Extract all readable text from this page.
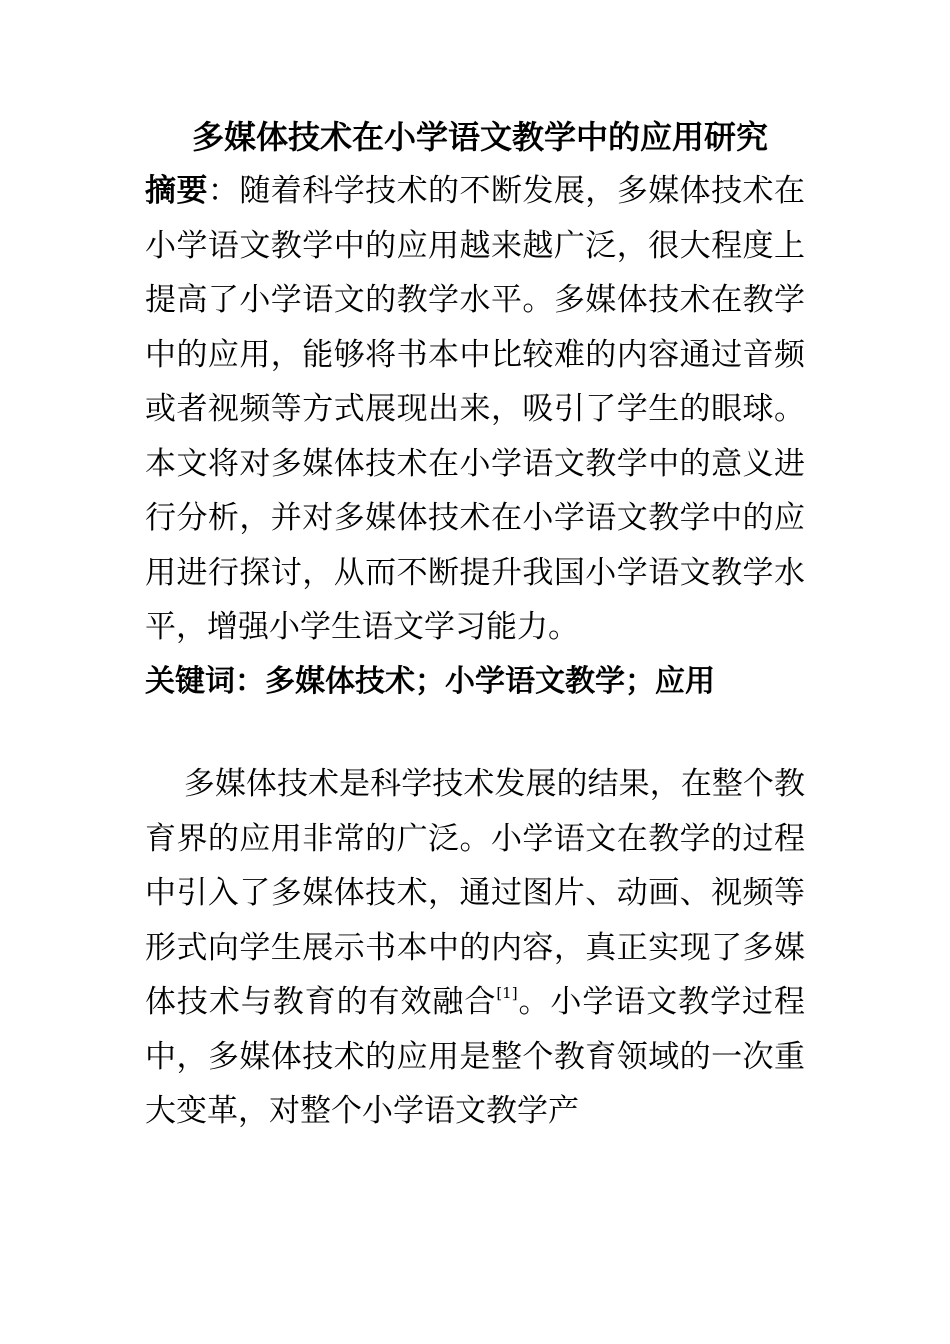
多媒体技术在小学语文教学中的应用研究

摘要：随着科学技术的不断发展，多媒体技术在小学语文教学中的应用越来越广泛，很大程度上提高了小学语文的教学水平。多媒体技术在教学中的应用，能够将书本中比较难的内容通过音频或者视频等方式展现出来，吸引了学生的眼球。本文将对多媒体技术在小学语文教学中的意义进行分析，并对多媒体技术在小学语文教学中的应用进行探讨，从而不断提升我国小学语文教学水平，增强小学生语文学习能力。

关键词：多媒体技术；小学语文教学；应用

多媒体技术是科学技术发展的结果，在整个教育界的应用非常的广泛。小学语文在教学的过程中引入了多媒体技术，通过图片、动画、视频等形式向学生展示书本中的内容，真正实现了多媒体技术与教育的有效融合[1]。小学语文教学过程中，多媒体技术的应用是整个教育领域的一次重大变革，对整个小学语文教学产
